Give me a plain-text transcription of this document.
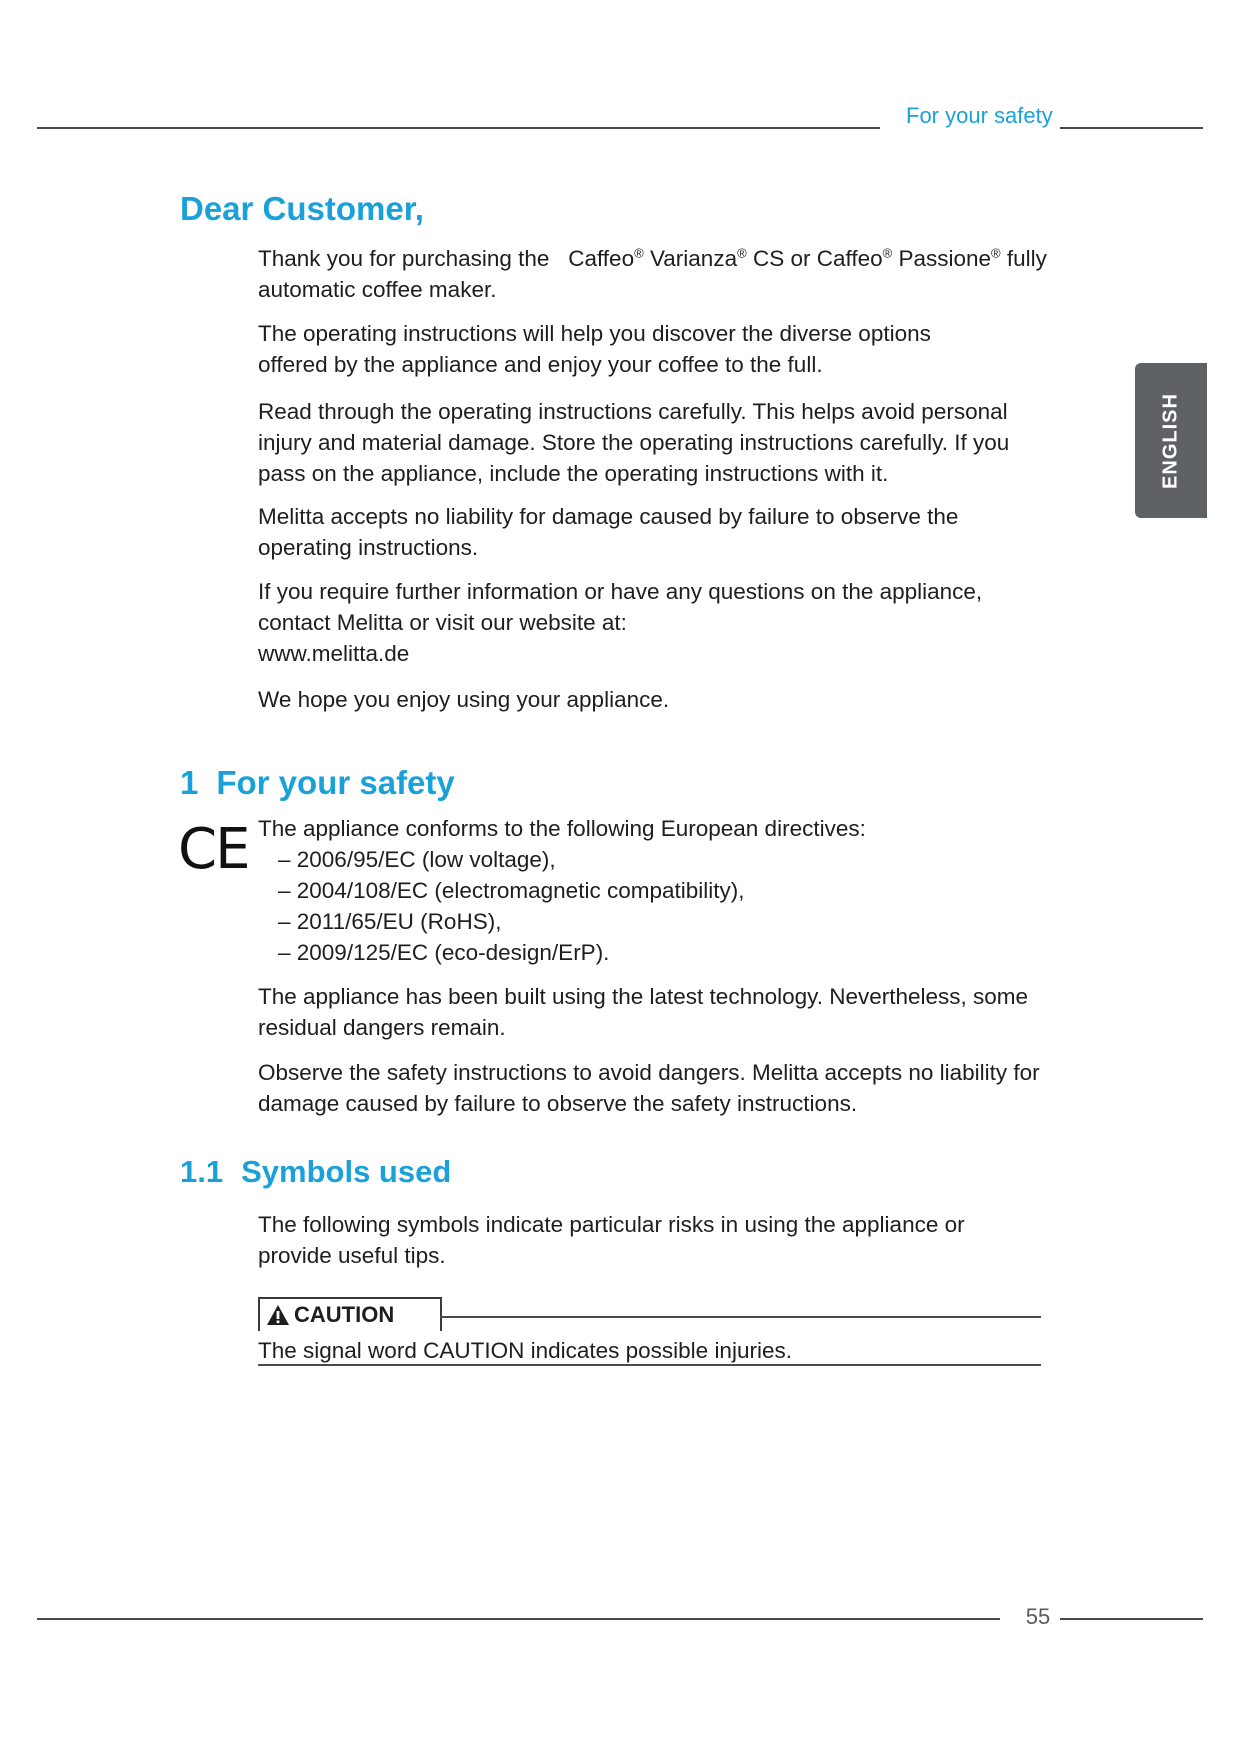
For your safety
ENGLISH
Dear Customer,

Thank you for purchasing the Caffeo® Varianza® CS or Caffeo® Passione® fully
automatic coffee maker.

The operating instructions will help you discover the diverse options offered by the appliance and enjoy your coffee to the full.

Read through the operating instructions carefully. This helps avoid personal injury and material damage. Store the operating instructions carefully. If you pass on the appliance, include the operating instructions with it.

Melitta accepts no liability for damage caused by failure to observe the operating instructions.

If you require further information or have any questions on the appliance, contact Melitta or visit our website at:

www.melitta.de

We hope you enjoy using your appliance.

1 For your safety
CE The appliance conforms to the following European directives:

– 2006/95/EC (low voltage),
– 2004/108/EC (electromagnetic compatibility),
– 2011/65/EU (RoHS),
– 2009/125/EC (eco-design/ErP).

The appliance has been built using the latest technology. Nevertheless, some residual dangers remain.

Observe the safety instructions to avoid dangers. Melitta accepts no liability for damage caused by failure to observe the safety instructions.

1.1 Symbols used

The following symbols indicate particular risks in using the appliance or provide useful tips.

CAUTION
The signal word CAUTION indicates possible injuries.
55
